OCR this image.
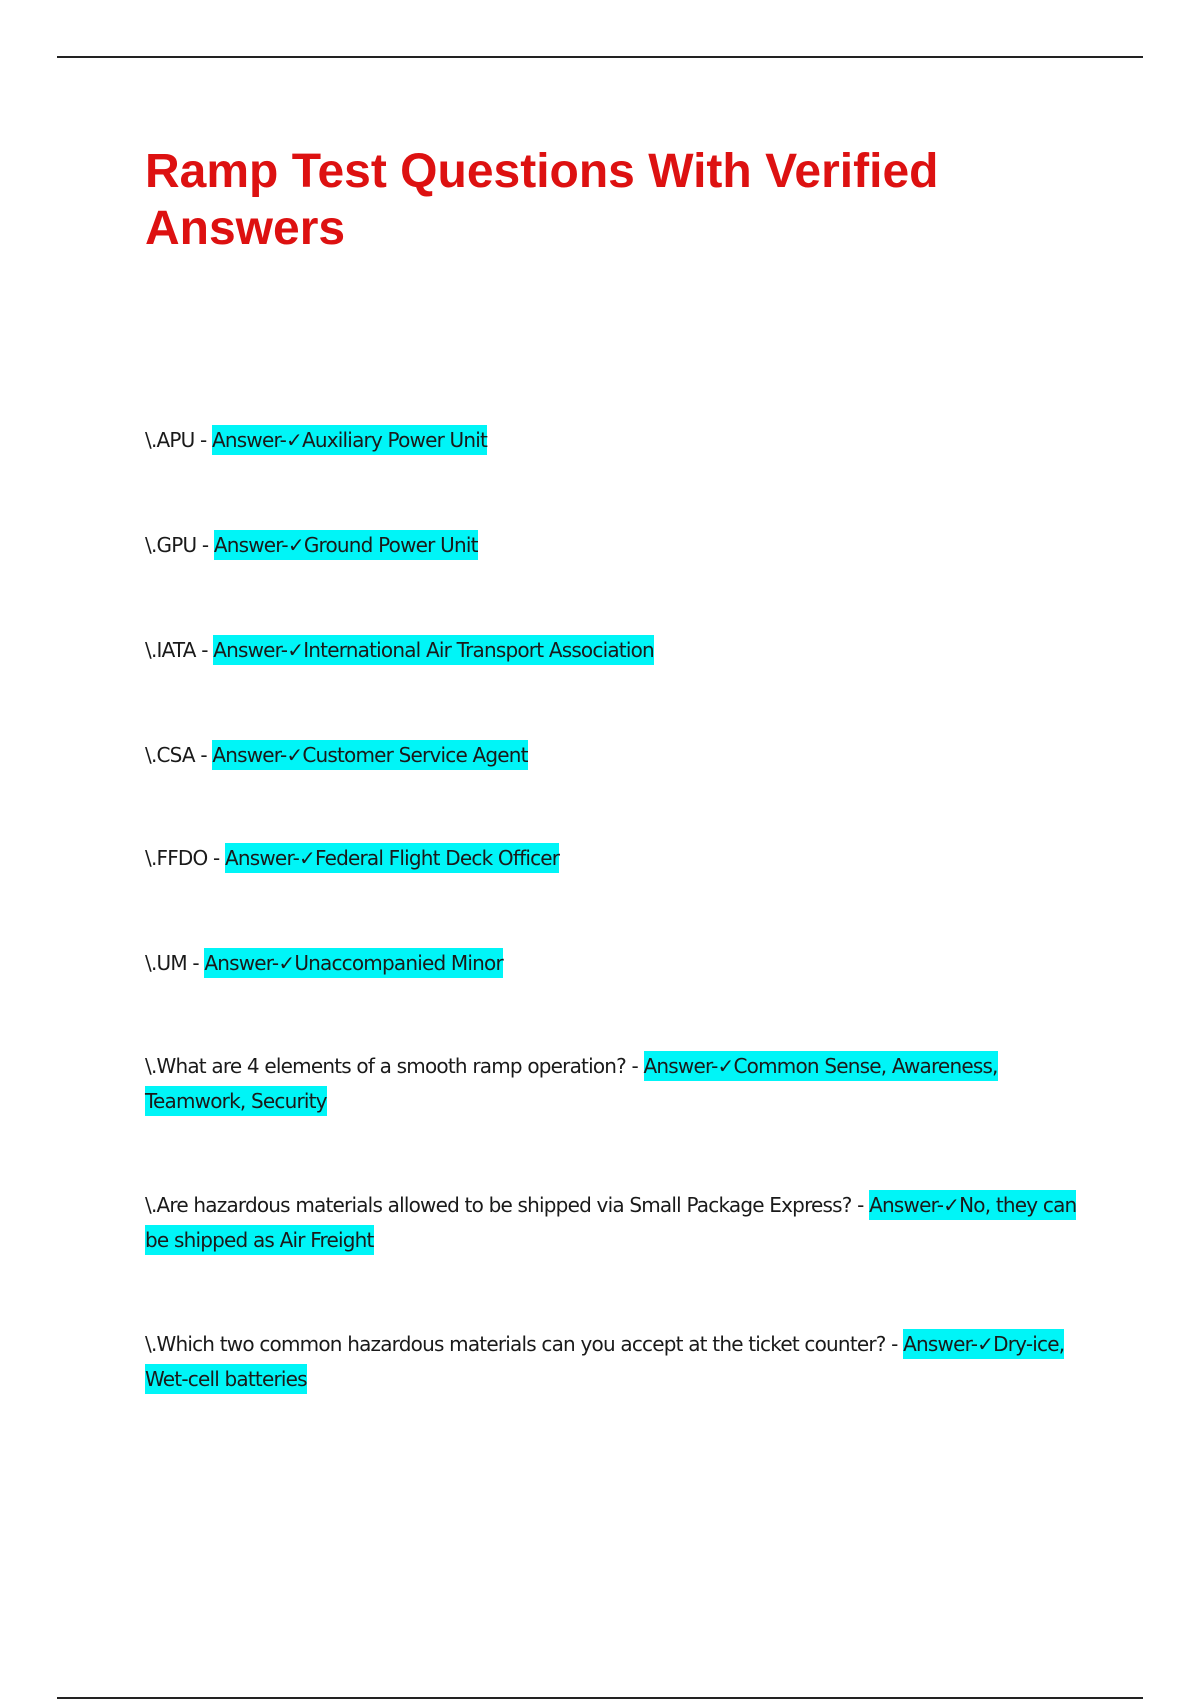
Ramp Test Questions With Verified Answers

\.APU - Answer-✓Auxiliary Power Unit

\.GPU - Answer-✓Ground Power Unit

\.IATA - Answer-✓International Air Transport Association

\.CSA - Answer-✓Customer Service Agent

\.FFDO - Answer-✓Federal Flight Deck Officer

\.UM - Answer-✓Unaccompanied Minor

\.What are 4 elements of a smooth ramp operation? - Answer-✓Common Sense, Awareness, Teamwork, Security

\.Are hazardous materials allowed to be shipped via Small Package Express? - Answer-✓No, they can be shipped as Air Freight

\.Which two common hazardous materials can you accept at the ticket counter? - Answer-✓Dry-ice, Wet-cell batteries
